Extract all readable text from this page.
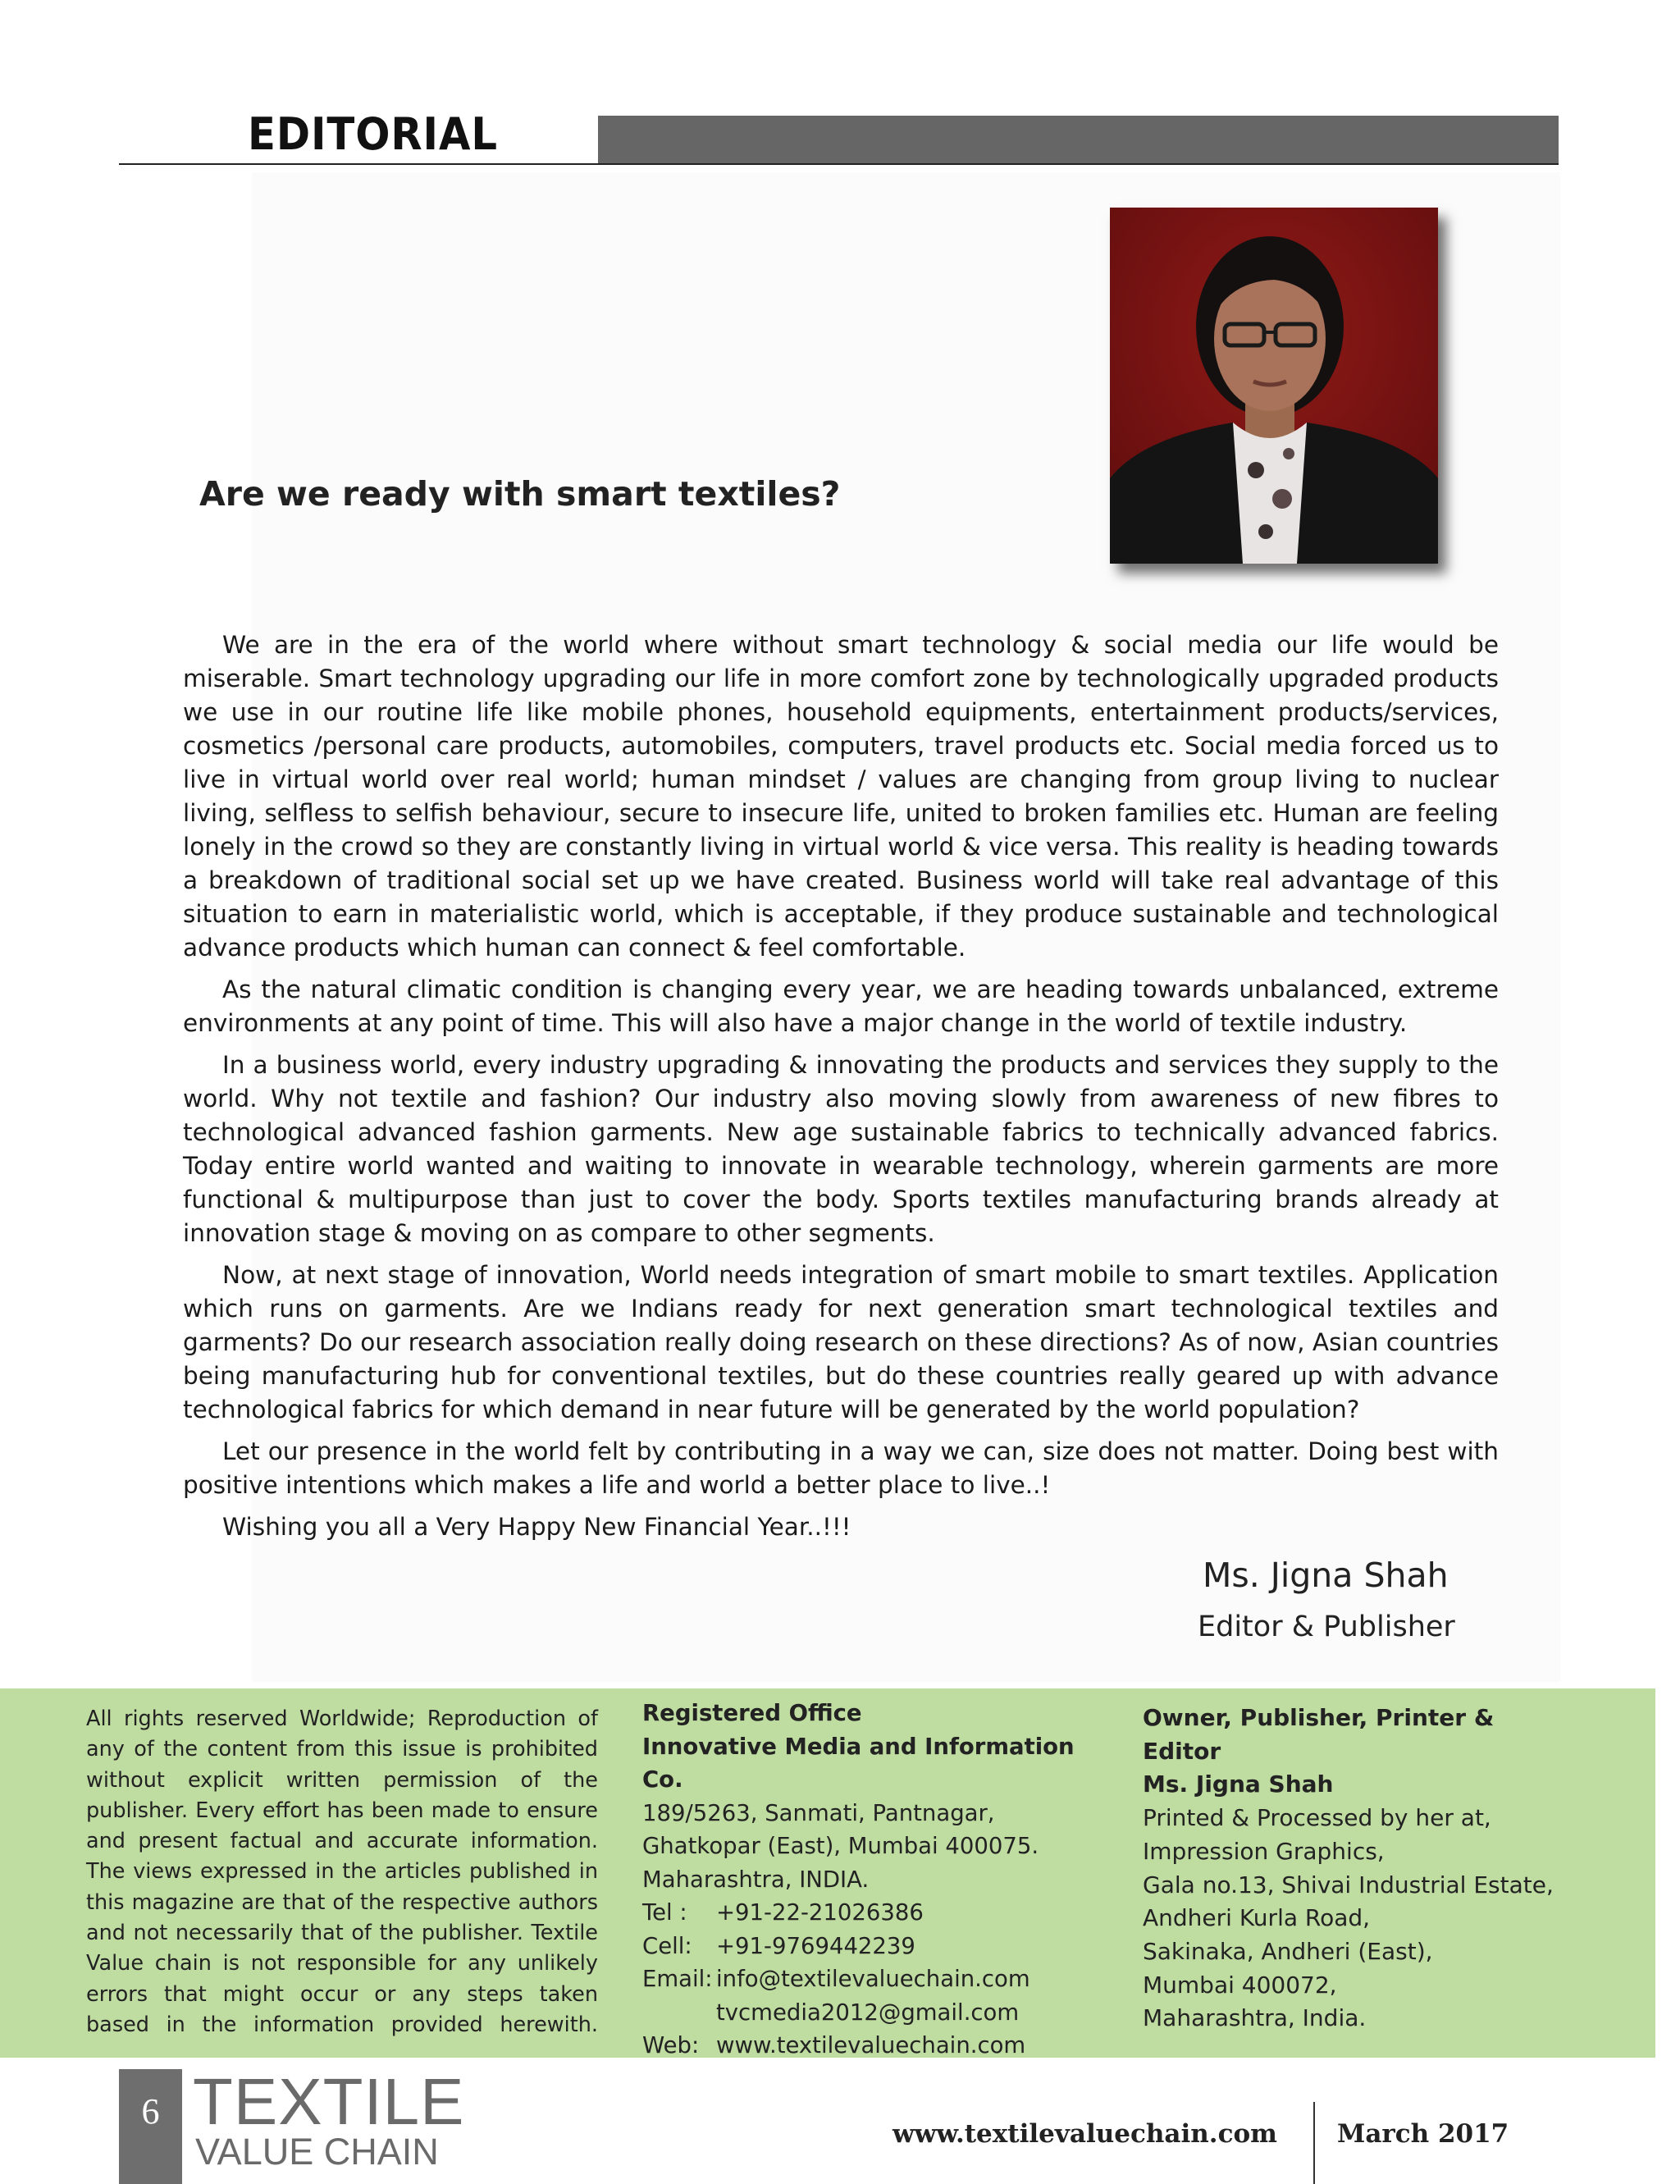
EDITORIAL
Are we ready with smart textiles?

We are in the era of the world where without smart technology & social media our life would be miserable. Smart technology upgrading our life in more comfort zone by technologically upgraded products we use in our routine life like mobile phones, household equipments, entertainment products/services, cosmetics /personal care products, automobiles, computers, travel products etc. Social media forced us to live in virtual world over real world; human mindset / values are changing from group living to nuclear living, selfless to selfish behaviour, secure to insecure life, united to broken families etc. Human are feeling lonely in the crowd so they are constantly living in virtual world & vice versa. This reality is heading towards a breakdown of traditional social set up we have created. Business world will take real advantage of this situation to earn in materialistic world, which is acceptable, if they produce sustainable and technological advance products which human can connect & feel comfortable.

As the natural climatic condition is changing every year, we are heading towards unbalanced, extreme environments at any point of time. This will also have a major change in the world of textile industry.

In a business world, every industry upgrading & innovating the products and services they supply to the world. Why not textile and fashion? Our industry also moving slowly from awareness of new fibres to technological advanced fashion garments. New age sustainable fabrics to technically advanced fabrics. Today entire world wanted and waiting to innovate in wearable technology, wherein garments are more functional & multipurpose than just to cover the body. Sports textiles manufacturing brands already at innovation stage & moving on as compare to other segments.

Now, at next stage of innovation, World needs integration of smart mobile to smart textiles. Application which runs on garments. Are we Indians ready for next generation smart technological textiles and garments? Do our research association really doing research on these directions? As of now, Asian countries being manufacturing hub for conventional textiles, but do these countries really geared up with advance technological fabrics for which demand in near future will be generated by the world population?

Let our presence in the world felt by contributing in a way we can, size does not matter. Doing best with positive intentions which makes a life and world a better place to live..!

Wishing you all a Very Happy New Financial Year..!!!

Ms. Jigna Shah
Editor & Publisher
All rights reserved Worldwide; Reproduction of any of the content from this issue is prohibited without explicit written permission of the publisher. Every effort has been made to ensure and present factual and accurate information. The views expressed in the articles published in this magazine are that of the respective authors and not necessarily that of the publisher. Textile Value chain is not responsible for any unlikely errors that might occur or any steps taken based in the information provided herewith.
Registered Office
Innovative Media and Information Co.
189/5263, Sanmati, Pantnagar,
Ghatkopar (East), Mumbai 400075.
Maharashtra, INDIA.
Tel :	+91-22-21026386
Cell:	+91-9769442239
Email: info@textilevaluechain.com
tvcmedia2012@gmail.com
Web: www.textilevaluechain.com
Owner, Publisher, Printer &
Editor
Ms. Jigna Shah
Printed & Processed by her at,
Impression Graphics,
Gala no.13, Shivai Industrial Estate,
Andheri Kurla Road,
Sakinaka, Andheri (East),
Mumbai 400072,
Maharashtra, India.
6 TEXTILE
VALUE CHAIN	www.textilevaluechain.com March 2017
